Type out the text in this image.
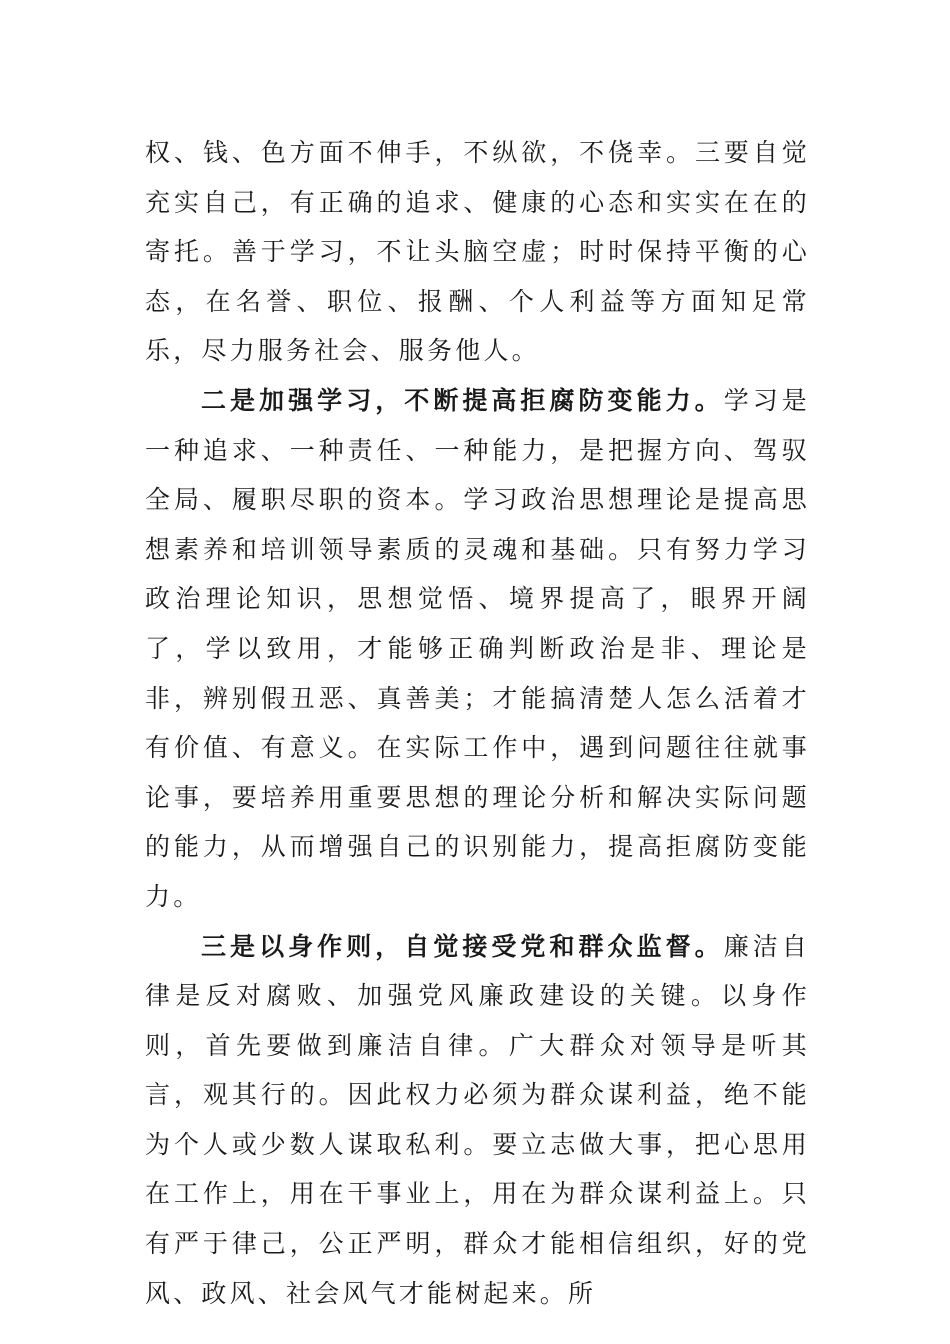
权、钱、色方面不伸手，不纵欲，不侥幸。三要自觉充实自己，有正确的追求、健康的心态和实实在在的寄托。善于学习，不让头脑空虚；时时保持平衡的心态，在名誉、职位、报酬、个人利益等方面知足常乐，尽力服务社会、服务他人。

二是加强学习，不断提高拒腐防变能力。学习是一种追求、一种责任、一种能力，是把握方向、驾驭全局、履职尽职的资本。学习政治思想理论是提高思想素养和培训领导素质的灵魂和基础。只有努力学习政治理论知识，思想觉悟、境界提高了，眼界开阔了，学以致用，才能够正确判断政治是非、理论是非，辨别假丑恶、真善美；才能搞清楚人怎么活着才有价值、有意义。在实际工作中，遇到问题往往就事论事，要培养用重要思想的理论分析和解决实际问题的能力，从而增强自己的识别能力，提高拒腐防变能力。

三是以身作则，自觉接受党和群众监督。廉洁自律是反对腐败、加强党风廉政建设的关键。以身作则，首先要做到廉洁自律。广大群众对领导是听其言，观其行的。因此权力必须为群众谋利益，绝不能为个人或少数人谋取私利。要立志做大事，把心思用在工作上，用在干事业上，用在为群众谋利益上。只有严于律己，公正严明，群众才能相信组织，好的党风、政风、社会风气才能树起来。所
